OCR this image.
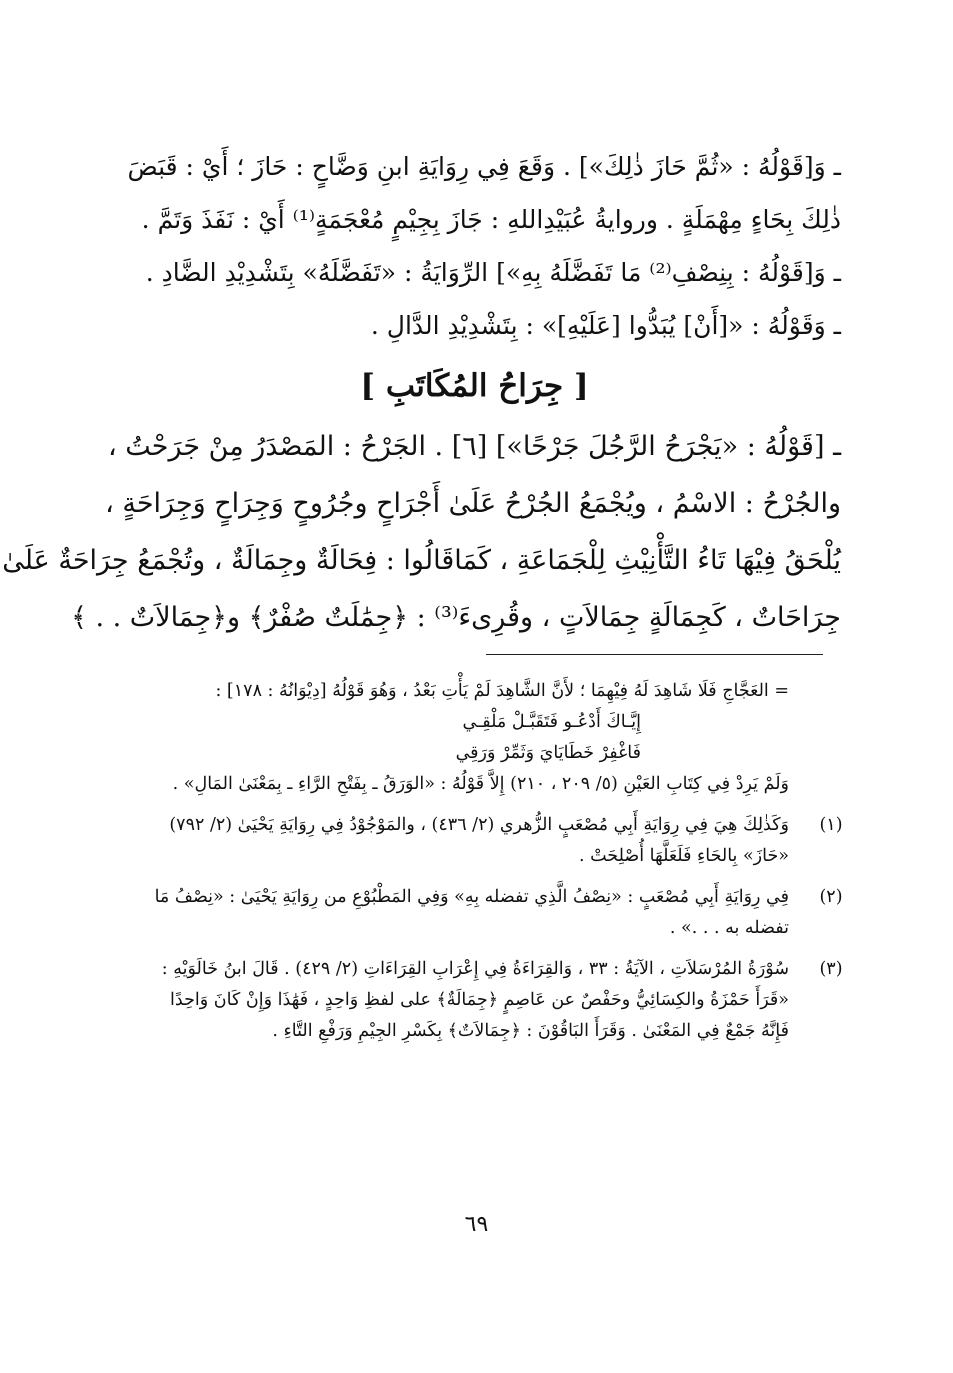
ـ وَ[قَوْلُهُ : «ثُمَّ حَازَ ذٰلِكَ»] . وَقَعَ فِي رِوَايَةِ ابنِ وَضَّاحٍ : حَازَ ؛ أَيْ : قَبَضَ

ذٰلِكَ بِحَاءٍ مِهْمَلَةٍ . وروايةُ عُبَيْدِاللهِ : جَازَ بِجِيْمٍ مُعْجَمَةٍ⁽¹⁾ أَيْ : نَفَذَ وَتَمَّ .

ـ وَ[قَوْلُهُ : بِنِصْفِ⁽²⁾ مَا تَفَضَّلَهُ بِهِ»] الرِّوَايَةُ : «تَفَضَّلَهُ» بِتَشْدِيْدِ الضَّادِ .

ـ وَقَوْلُهُ : «[أَنْ] يُبَدُّوا [عَلَيْهِ]» : بِتَشْدِيْدِ الدَّالِ .

[ جِرَاحُ المُكَاتَبِ ]

ـ [قَوْلُهُ : «يَجْرَحُ الرَّجُلَ جَرْحًا»] [٦] . الجَرْحُ : المَصْدَرُ مِنْ جَرَحْتُ ،

والجُرْحُ : الاسْمُ ، ويُجْمَعُ الجُرْحُ عَلَىٰ أَجْرَاحٍ وجُرُوحٍ وَجِرَاحٍ وَجِرَاحَةٍ ،

يُلْحَقُ فِيْهَا تَاءُ التَّأْنِيْثِ لِلْجَمَاعَةِ ، كَمَاقَالُوا : فِحَالَةٌ وجِمَالَةٌ ، وتُجْمَعُ جِرَاحَةٌ عَلَىٰ

جِرَاحَاتٌ ، كَجِمَالَةٍ جِمَالاَتٍ ، وقُرِىءَ⁽³⁾ : ﴿جِمَٰلَتٌ صُفْرٌ﴾ و﴿جِمَالاَتٌ . . ﴾

= العَجَّاجِ فَلَا شَاهِدَ لَهُ فِيْهِمَا ؛ لأَنَّ الشَّاهِدَ لَمْ يَأْتِ بَعْدُ ، وَهُوَ قَوْلُهُ [دِيْوَانُهُ : ١٧٨] :
إِيَّـاكَ أَدْعُـو فَتَقَبَّـلْ مَلْقِـي
فَاغْفِرْ خَطَايَايَ وَثَمِّرْ وَرَقِي
وَلَمْ يَرِدْ فِي كِتَابِ العَيْنِ (٥/ ٢٠٩ ، ٢١٠) إِلاَّ قَوْلُهُ : «الوَرَقُ ـ بِفَتْحِ الرَّاءِ ـ بِمَعْنَىٰ المَالِ» .
(١)
وَكَذٰلِكَ هِيَ فِي رِوَايَةِ أَبِي مُصْعَبٍ الزُّهري (٢/ ٤٣٦) ، والمَوْجُوْدُ فِي رِوَايَةِ يَحْيَىٰ (٢/ ٧٩٢)
«حَازَ» بِالحَاءِ فَلَعَلَّهَا أُصْلِحَتْ .
(٢)
فِي رِوَايَةِ أَبِي مُصْعَبٍ : «نِصْفُ الَّذِي تفضله بِهِ» وَفِي المَطْبُوْعِ من رِوَايَةِ يَحْيَىٰ : «نِصْفُ مَا
تفضله به . . .» .
(٣)
سُوْرَةُ المُرْسَلاَتِ ، الآيَةُ : ٣٣ ، وَالقِرَاءَةُ فِي إِعْرَابِ القِرَاءَاتِ (٢/ ٤٢٩) . قَالَ ابنُ خَالَوَيْهِ :
«قَرَأَ حَمْزَةُ والكِسَائِيُّ وحَفْصٌ عن عَاصِمٍ ﴿جِمَالَةٌ﴾ على لفظِ وَاحِدٍ ، فَهَٰذَا وَإِنْ كَانَ وَاحِدًا
فَإِنَّهُ جَمْعٌ فِي المَعْنَىٰ . وَقَرَأَ البَاقُوْنَ : ﴿جِمَالاَتٌ﴾ بِكَسْرِ الجِيْمِ وَرَفْعِ التَّاءِ .
٦٩
